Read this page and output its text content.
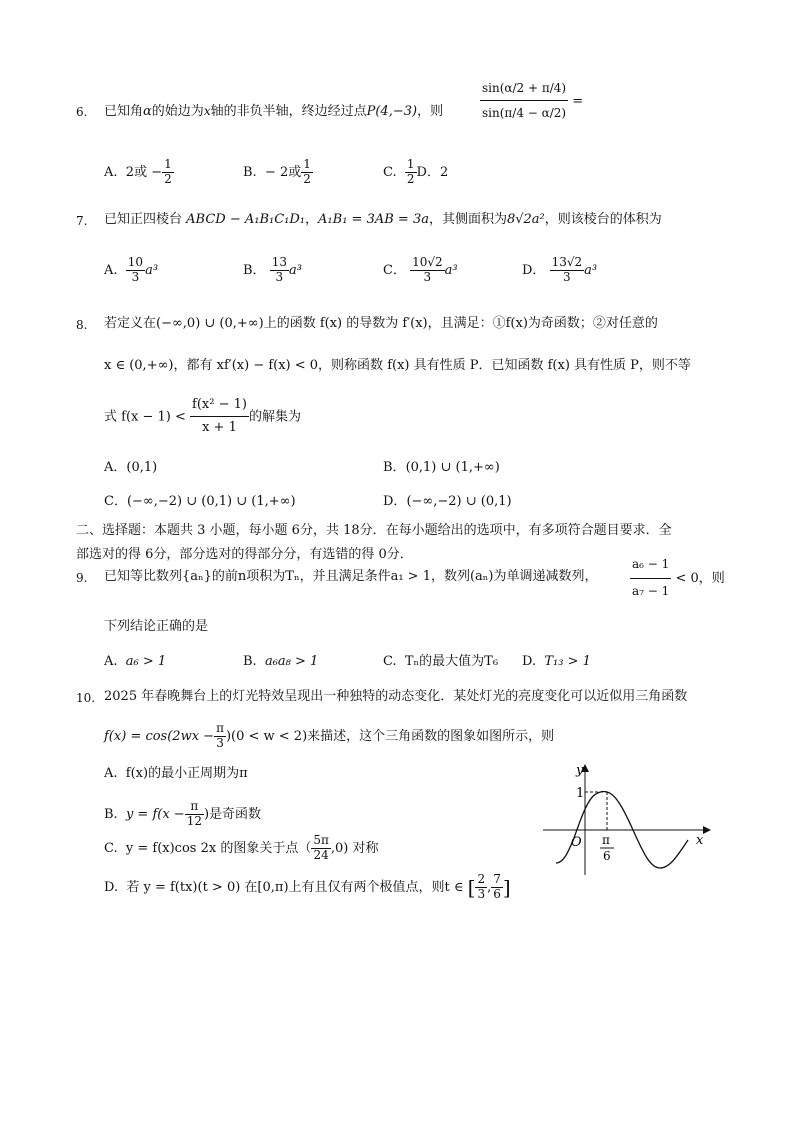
6. 已知角α的始边为x轴的非负半轴，终边经过点P(4,−3)，则	$\frac{\sin(\alpha/2 + \pi/4)}{\sin(\pi/4 - \alpha/2)}$ =
A. 2或 − $\frac{1}{2}$	B. − 2或 $\frac{1}{2}$	C. $\frac{1}{2}$ D．2
7. 已知正四棱台 ABCD − A₁B₁C₁D₁，A₁B₁ = 3AB = 3a，其侧面积为8√2a²，则该棱台的体积为
A. $\frac{10}{3} a^3$	B． $\frac{13}{3} a^3$	C． $\frac{10√2}{3} a^3$	D． $\frac{13√2}{3} a^3$
8. 若定义在(−∞,0) ∪ (0,+∞)上的函数 f(x) 的导数为 f′(x)，且满足：①f(x)为奇函数；②对任意的
x ∈ (0,+∞)，都有 xf′(x) − f(x) < 0，则称函数 f(x) 具有性质 P．已知函数 f(x) 具有性质 P，则不等
式 $f(x - 1) < \frac{\text{f(x² − 1)}}{x + 1}$ 的解集为
A．(0,1)	B．(0,1) ∪ (1,+∞)
C．(−∞,−2) ∪ (0,1) ∪ (1,+∞)	D．(−∞,−2) ∪ (0,1)
二、选择题：本题共 3 小题，每小题 6分，共 18分．在每小题给出的选项中，有多项符合题目要求．全
部选对的得 6分，部分选对的得部分分，有选错的得 0分．
9. 已知等比数列{aₙ}的前n项积为Tₙ，并且满足条件a₁ > 1，数列(aₙ)为单调递减数列，	$\frac{\text{a₆ − 1}}{\text{a₇ − 1}} < 0$，则
下列结论正确的是
A. a₆ > 1	B. a₆a₈ > 1	C. Tₙ的最大值为T₆ D. T₁₃ > 1
10. 2025 年春晚舞台上的灯光特效呈现出一种独特的动态变化．某处灯光的亮度变化可以近似用三角函数
$f(x) = \cos(2wx - \frac{\pi}{3} )(0 < w < 2)$来描述，这个三角函数的图象如图所示，则
A. f(x)的最小正周期为π
B. $y = f(x - \frac{\pi}{12}$ )是奇函数
C. y = f(x)cos 2x 的图象关于点（ $\frac{5\pi}{24} ,0$) 对称
D. 若 y = f(tx)(t > 0) 在[0,π)上有且仅有两个极值点，则t ∈ [ $\frac{2}{3}$ , $\frac{7}{6}$ ]
y
x
O
1
π
6
